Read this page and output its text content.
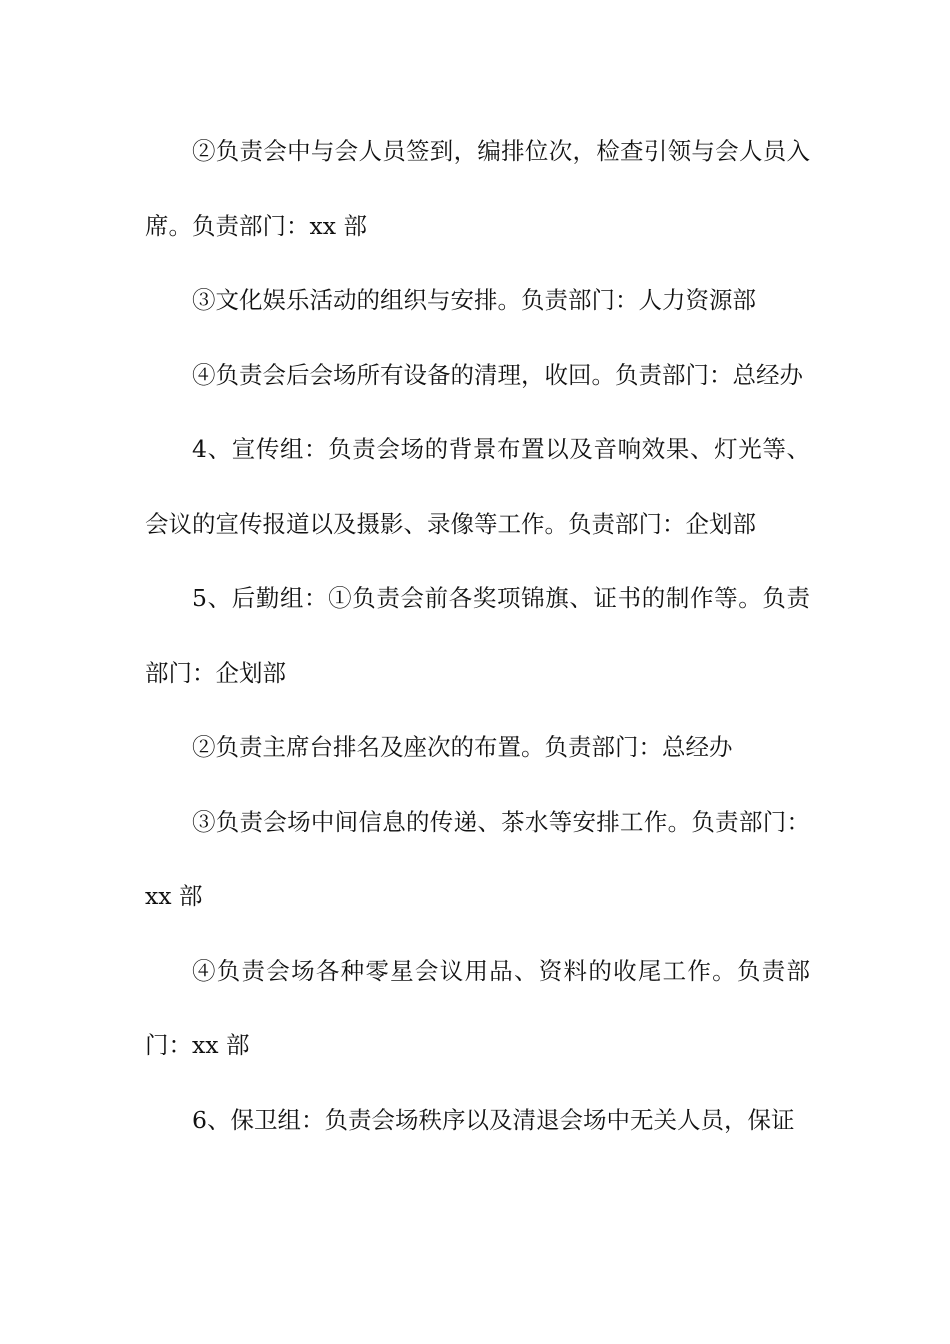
②负责会中与会人员签到，编排位次，检查引领与会人员入席。负责部门：xx 部

③文化娱乐活动的组织与安排。负责部门：人力资源部

④负责会后会场所有设备的清理，收回。负责部门：总经办

4、宣传组：负责会场的背景布置以及音响效果、灯光等、会议的宣传报道以及摄影、录像等工作。负责部门：企划部

5、后勤组：①负责会前各奖项锦旗、证书的制作等。负责部门：企划部

②负责主席台排名及座次的布置。负责部门：总经办

③负责会场中间信息的传递、茶水等安排工作。负责部门：xx 部

④负责会场各种零星会议用品、资料的收尾工作。负责部门：xx 部

6、保卫组：负责会场秩序以及清退会场中无关人员，保证
